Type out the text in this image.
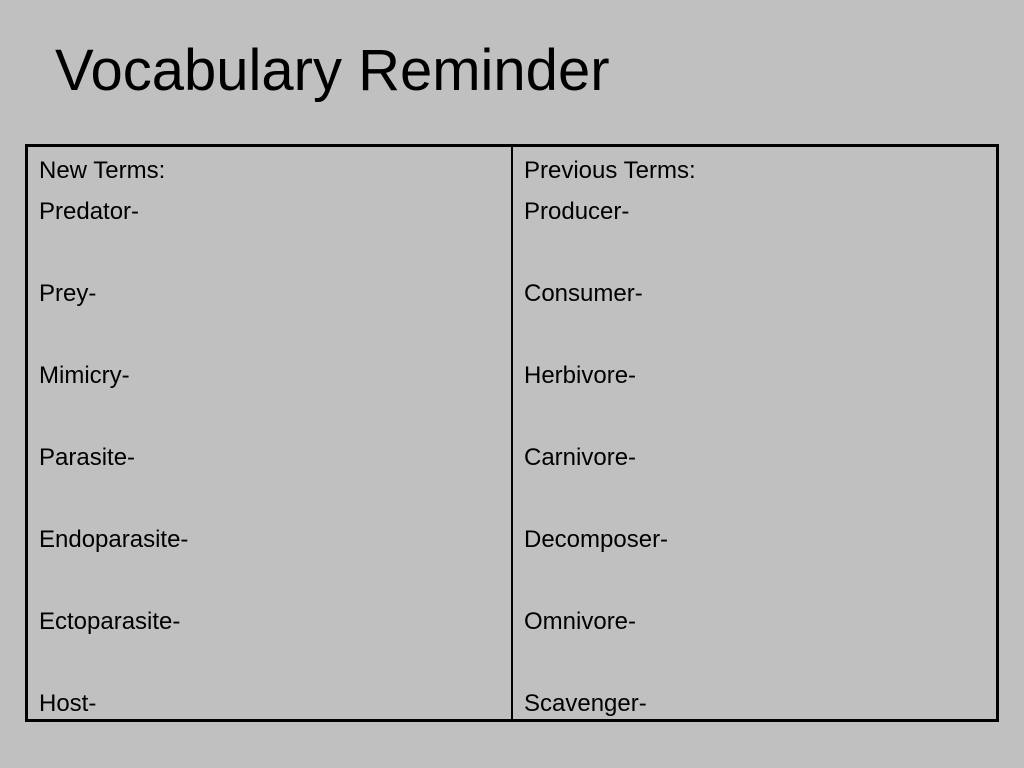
Vocabulary Reminder
New Terms:
Predator-
Prey-
Mimicry-
Parasite-
Endoparasite-
Ectoparasite-
Host-
Previous Terms:
Producer-
Consumer-
Herbivore-
Carnivore-
Decomposer-
Omnivore-
Scavenger-
